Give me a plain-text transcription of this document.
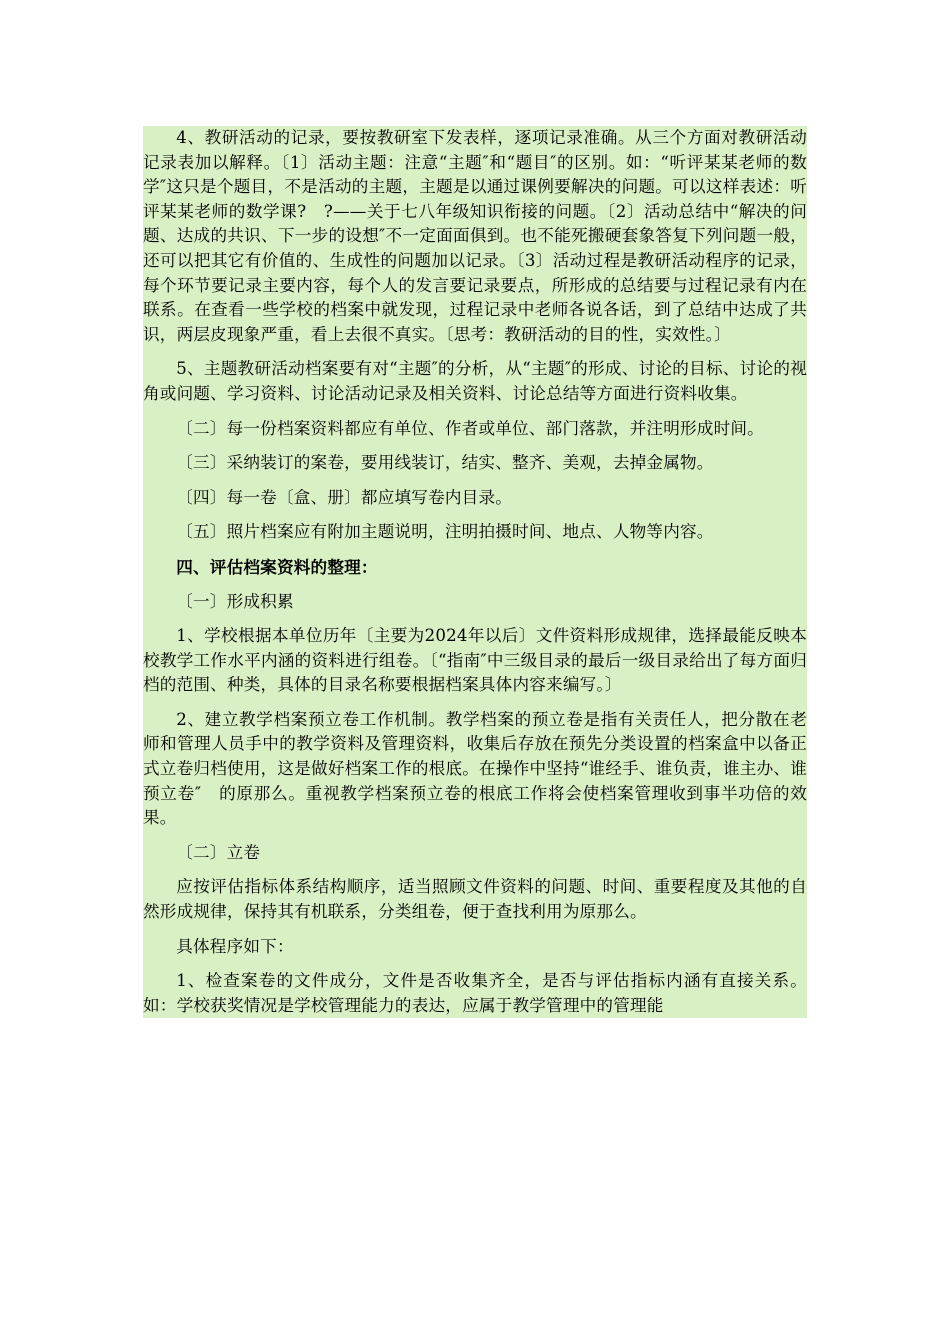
4、教研活动的记录，要按教研室下发表样，逐项记录准确。从三个方面对教研活动记录表加以解释。〔1〕活动主题：注意“主题″和“题目″的区别。如：“听评某某老师的数学″这只是个题目，不是活动的主题，主题是以通过课例要解决的问题。可以这样表述：听评某某老师的数学课?　?——关于七八年级知识衔接的问题。〔2〕活动总结中“解决的问题、达成的共识、下一步的设想″不一定面面俱到。也不能死搬硬套象答复下列问题一般，还可以把其它有价值的、生成性的问题加以记录。〔3〕活动过程是教研活动程序的记录，每个环节要记录主要内容，每个人的发言要记录要点，所形成的总结要与过程记录有内在联系。在查看一些学校的档案中就发现，过程记录中老师各说各话，到了总结中达成了共识，两层皮现象严重，看上去很不真实。〔思考：教研活动的目的性，实效性。〕

5、主题教研活动档案要有对“主题″的分析，从“主题″的形成、讨论的目标、讨论的视角或问题、学习资料、讨论活动记录及相关资料、讨论总结等方面进行资料收集。

〔二〕每一份档案资料都应有单位、作者或单位、部门落款，并注明形成时间。

〔三〕采纳装订的案卷，要用线装订，结实、整齐、美观，去掉金属物。

〔四〕每一卷〔盒、册〕都应填写卷内目录。

〔五〕照片档案应有附加主题说明，注明拍摄时间、地点、人物等内容。

四、评估档案资料的整理：

〔一〕形成积累

1、学校根据本单位历年〔主要为2024年以后〕文件资料形成规律，选择最能反映本校教学工作水平内涵的资料进行组卷。〔“指南″中三级目录的最后一级目录给出了每方面归档的范围、种类，具体的目录名称要根据档案具体内容来编写。〕

2、建立教学档案预立卷工作机制。教学档案的预立卷是指有关责任人，把分散在老师和管理人员手中的教学资料及管理资料，收集后存放在预先分类设置的档案盒中以备正式立卷归档使用，这是做好档案工作的根底。在操作中坚持“谁经手、谁负责，谁主办、谁预立卷″　的原那么。重视教学档案预立卷的根底工作将会使档案管理收到事半功倍的效果。

〔二〕立卷

应按评估指标体系结构顺序，适当照顾文件资料的问题、时间、重要程度及其他的自然形成规律，保持其有机联系，分类组卷，便于查找利用为原那么。

具体程序如下：

1、检查案卷的文件成分，文件是否收集齐全，是否与评估指标内涵有直接关系。如：学校获奖情况是学校管理能力的表达，应属于教学管理中的管理能
